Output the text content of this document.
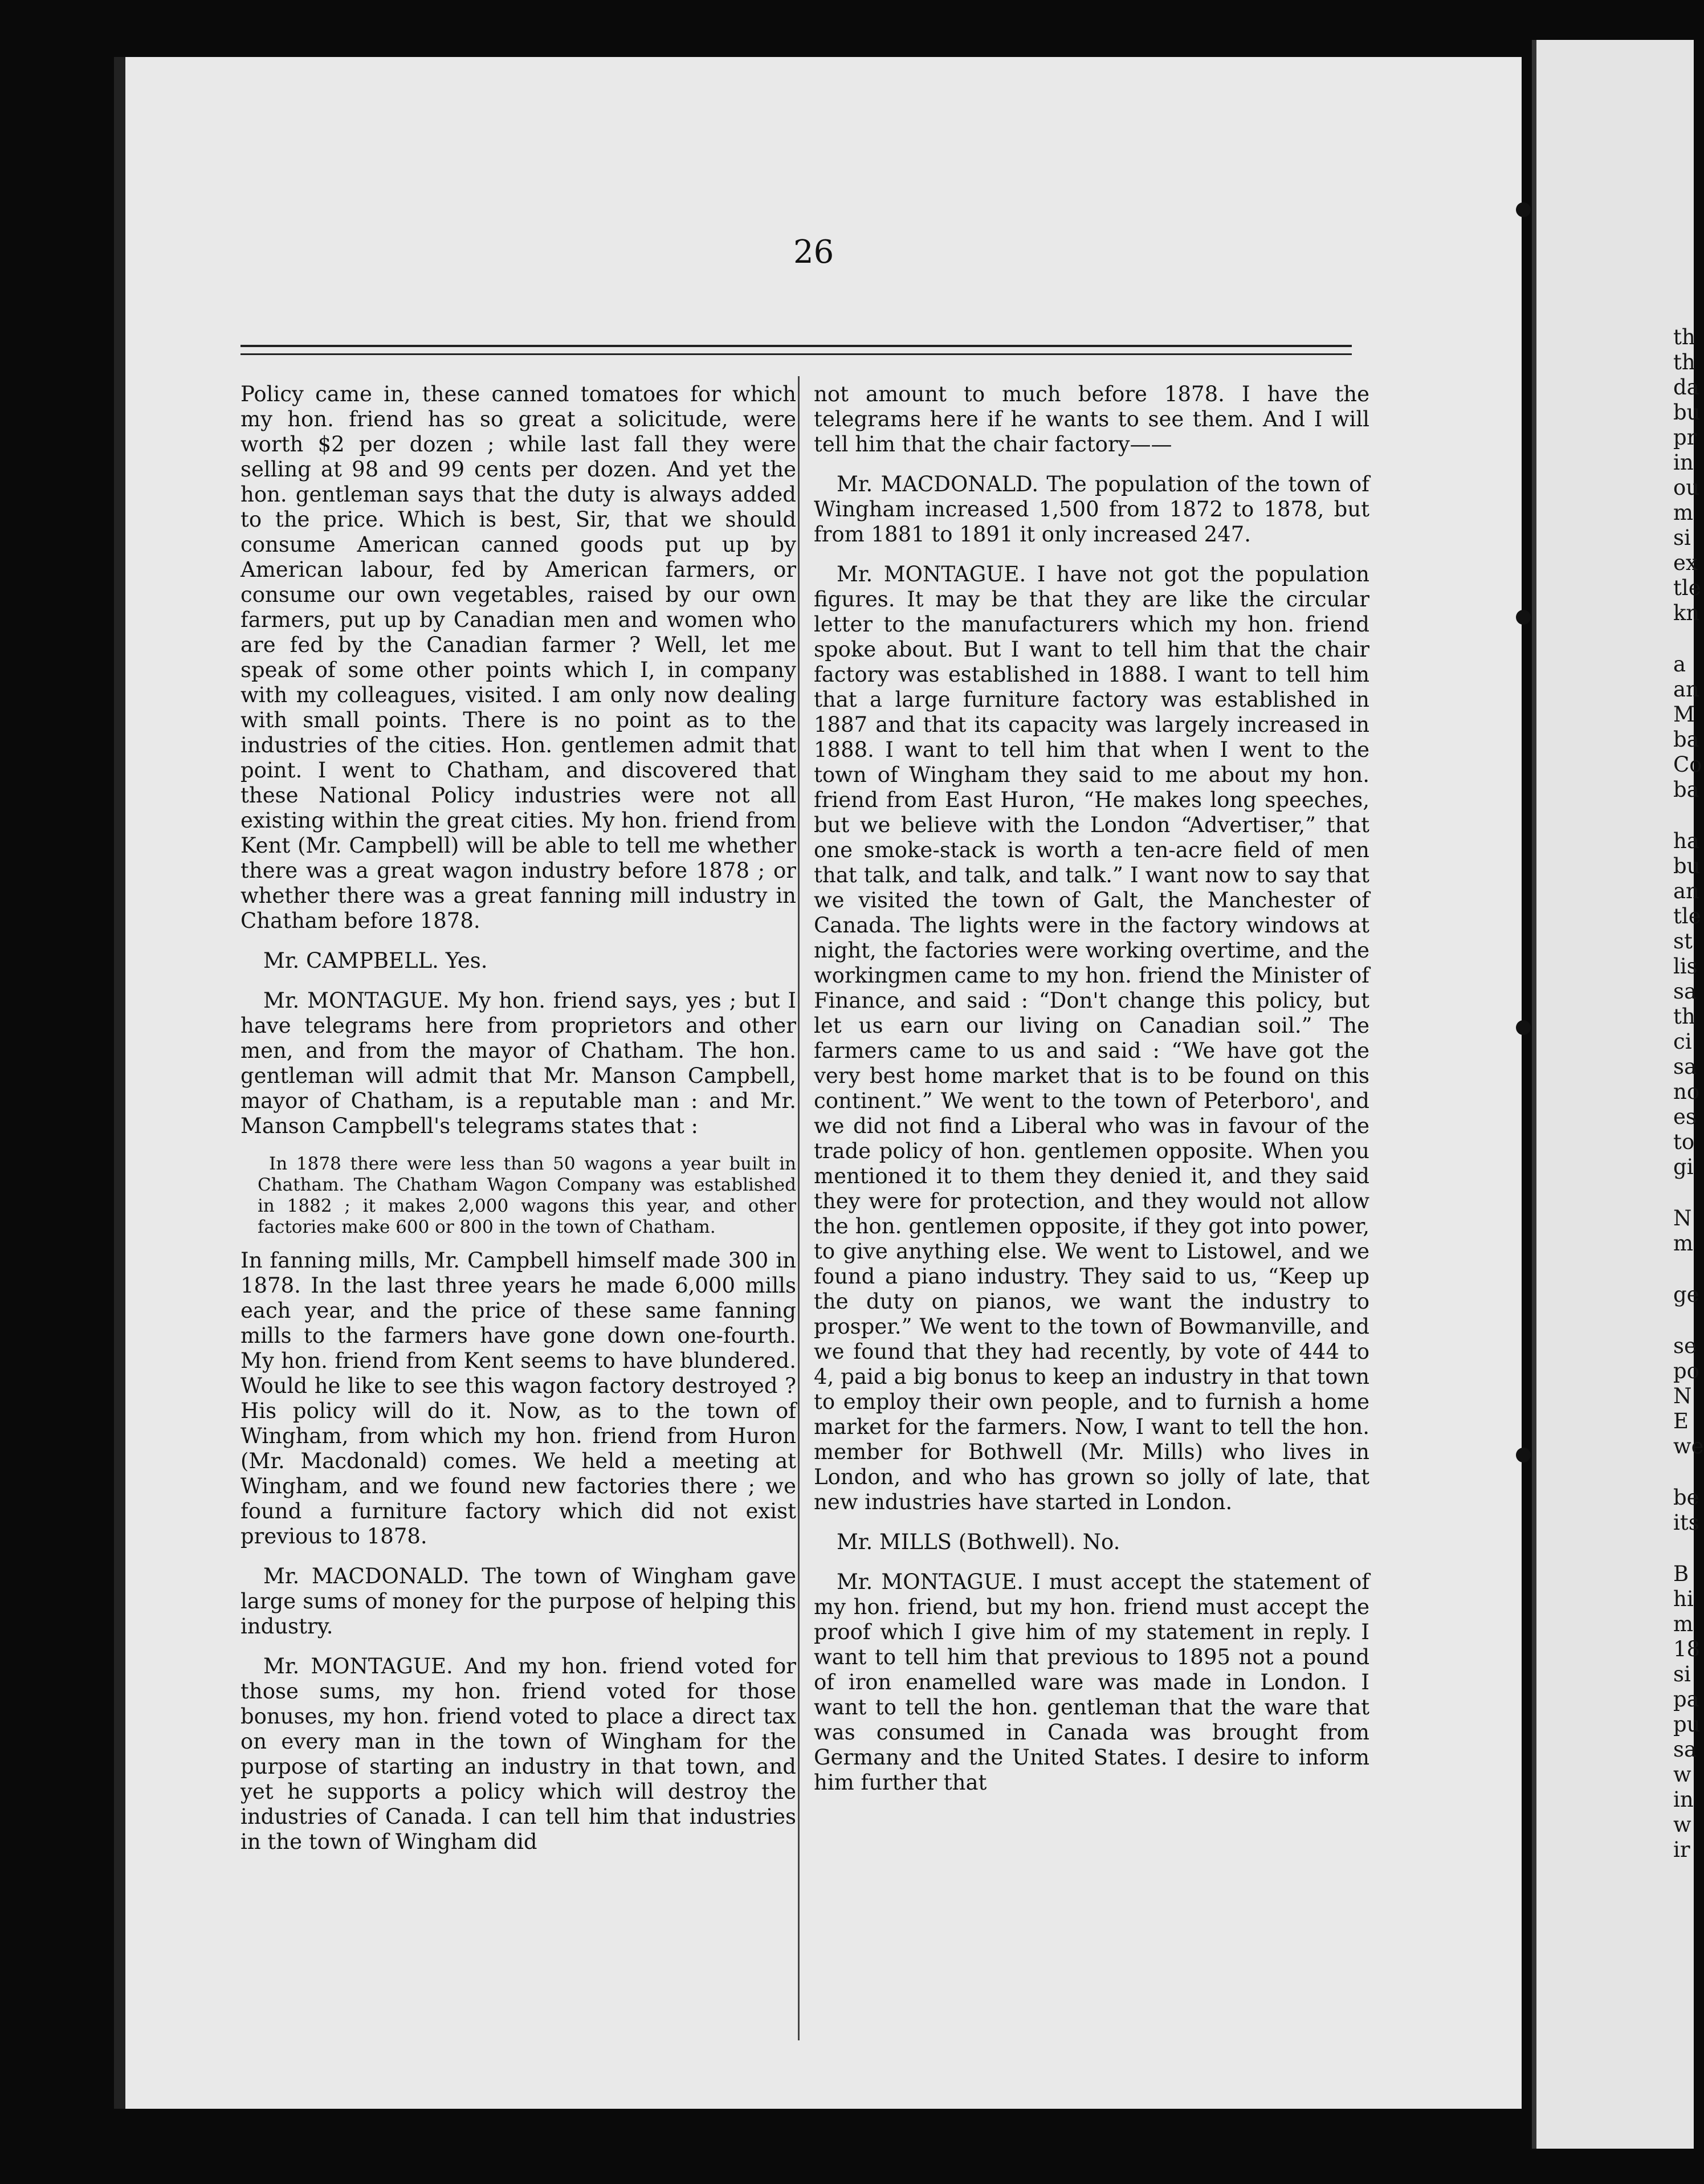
26

Policy came in, these canned tomatoes for which my hon. friend has so great a solicitude, were worth $2 per dozen ; while last fall they were selling at 98 and 99 cents per dozen. And yet the hon. gentleman says that the duty is always added to the price. Which is best, Sir, that we should consume American canned goods put up by American labour, fed by American farmers, or consume our own vegetables, raised by our own farmers, put up by Canadian men and women who are fed by the Canadian farmer ? Well, let me speak of some other points which I, in company with my colleagues, visited. I am only now dealing with small points. There is no point as to the industries of the cities. Hon. gentlemen admit that point. I went to Chatham, and discovered that these National Policy industries were not all existing within the great cities. My hon. friend from Kent (Mr. Campbell) will be able to tell me whether there was a great wagon industry before 1878 ; or whether there was a great fanning mill industry in Chatham before 1878.

Mr. CAMPBELL. Yes.

Mr. MONTAGUE. My hon. friend says, yes ; but I have telegrams here from proprietors and other men, and from the mayor of Chatham. The hon. gentleman will admit that Mr. Manson Campbell, mayor of Chatham, is a reputable man : and Mr. Manson Campbell's telegrams states that :

In 1878 there were less than 50 wagons a year built in Chatham. The Chatham Wagon Company was established in 1882 ; it makes 2,000 wagons this year, and other factories make 600 or 800 in the town of Chatham.

In fanning mills, Mr. Campbell himself made 300 in 1878. In the last three years he made 6,000 mills each year, and the price of these same fanning mills to the farmers have gone down one-fourth. My hon. friend from Kent seems to have blundered. Would he like to see this wagon factory destroyed ? His policy will do it. Now, as to the town of Wingham, from which my hon. friend from Huron (Mr. Macdonald) comes. We held a meeting at Wingham, and we found new factories there ; we found a furniture factory which did not exist previous to 1878.

Mr. MACDONALD. The town of Wingham gave large sums of money for the purpose of helping this industry.

Mr. MONTAGUE. And my hon. friend voted for those sums, my hon. friend voted for those bonuses, my hon. friend voted to place a direct tax on every man in the town of Wingham for the purpose of starting an industry in that town, and yet he supports a policy which will destroy the industries of Canada. I can tell him that industries in the town of Wingham did

not amount to much before 1878. I have the telegrams here if he wants to see them. And I will tell him that the chair factory——

Mr. MACDONALD. The population of the town of Wingham increased 1,500 from 1872 to 1878, but from 1881 to 1891 it only increased 247.

Mr. MONTAGUE. I have not got the population figures. It may be that they are like the circular letter to the manufacturers which my hon. friend spoke about. But I want to tell him that the chair factory was established in 1888. I want to tell him that a large furniture factory was established in 1887 and that its capacity was largely increased in 1888. I want to tell him that when I went to the town of Wingham they said to me about my hon. friend from East Huron, “He makes long speeches, but we believe with the London “Advertiser,” that one smoke-stack is worth a ten-acre field of men that talk, and talk, and talk.” I want now to say that we visited the town of Galt, the Manchester of Canada. The lights were in the factory windows at night, the factories were working overtime, and the workingmen came to my hon. friend the Minister of Finance, and said : “Don't change this policy, but let us earn our living on Canadian soil.” The farmers came to us and said : “We have got the very best home market that is to be found on this continent.” We went to the town of Peterboro', and we did not find a Liberal who was in favour of the trade policy of hon. gentlemen opposite. When you mentioned it to them they denied it, and they said they were for protection, and they would not allow the hon. gentlemen opposite, if they got into power, to give anything else. We went to Listowel, and we found a piano industry. They said to us, “Keep up the duty on pianos, we want the industry to prosper.” We went to the town of Bowmanville, and we found that they had recently, by vote of 444 to 4, paid a big bonus to keep an industry in that town to employ their own people, and to furnish a home market for the farmers. Now, I want to tell the hon. member for Bothwell (Mr. Mills) who lives in London, and who has grown so jolly of late, that new industries have started in London.

Mr. MILLS (Bothwell). No.

Mr. MONTAGUE. I must accept the statement of my hon. friend, but my hon. friend must accept the proof which I give him of my statement in reply. I want to tell him that previous to 1895 not a pound of iron enamelled ware was made in London. I want to tell the hon. gentleman that the ware that was consumed in Canada was brought from Germany and the United States. I desire to inform him further that

th
th
da
bu
pr
in
ou
m
si
ex
tle
kn
a
an
M
ba
Co
ba
ha
bu
an
tle
st
lis
sa
th
ci
sa
no
es
to
gi
N
m
ge
se
po
N
E
we
be
its
B
hi
m
18
si
pa
pu
sa
w
in
w
ir
